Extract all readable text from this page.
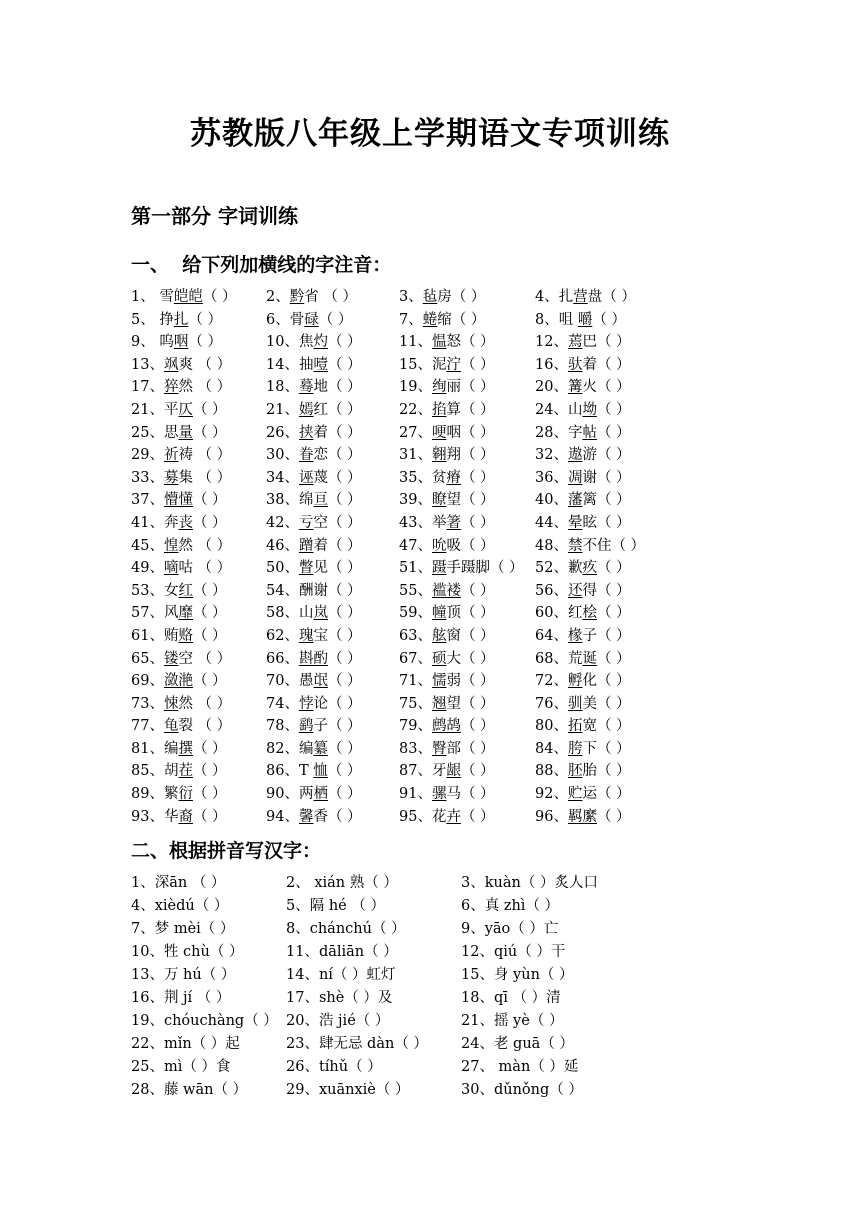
苏教版八年级上学期语文专项训练
第一部分 字词训练
一、  给下列加横线的字注音：
1、 雪皑皑（ ） 2、黔省 （ ）	3、毡房（ ）	4、扎营盘（ ）
5、 挣扎（ ）	6、骨碌（ ）	7、蜷缩（ ）	8、咀 嚼（ ）
9、 呜咽（ ）	10、焦灼（ ）	11、愠怒（ ）	12、蔫巴（ ）
13、飒爽 （ ） 14、抽噎（ ）	15、泥泞（ ）	16、驮着（ ）
17、猝然 （ ） 18、蓦地（ ）	19、绚丽（ ）	20、篝火（ ）
21、平仄（ ）	21、嫣红（ ）	22、掐算（ ）	24、山坳（ ）
25、思量（ ）	26、挟着（ ）	27、哽咽（ ）	28、字帖（ ）
29、祈祷 （ ） 30、眷恋（ ）	31、翱翔（ ）	32、遨游（ ）
33、募集 （ ） 34、诬蔑（ ）	35、贫瘠（ ）	36、凋谢（ ）
37、懵懂（ ）	38、绵亘（ ）	39、瞭望（ ）	40、藩篱（ ）
41、奔丧（ ）	42、亏空（ ）	43、举箸（ ）	44、晕眩（ ）
45、惶然 （ ） 46、蹭着（ ）	47、吮吸（ ）	48、禁不住（ ）
49、嘀咕 （ ） 50、瞥见（ ）	51、蹑手蹑脚（ ） 52、歉疚（ ）
53、女红（ ）	54、酬谢（ ）	55、褴褛（ ）	56、还得（ ）
57、风靡（ ）	58、山岚（ ）	59、幢顶（ ）	60、红桧（ ）
61、贿赂（ ）	62、瑰宝（ ）	63、舷窗（ ）	64、椽子（ ）
65、镂空 （ ） 66、斟酌（ ）	67、硕大（ ）	68、荒诞（ ）
69、潋滟（ ）	70、愚氓（ ）	71、懦弱（ ）	72、孵化（ ）
73、悚然 （ ） 74、悖论（ ）	75、翘望（ ）	76、驯美（ ）
77、龟裂 （ ） 78、鹞子（ ）	79、鹧鸪（ ）	80、拓宽（ ）
81、编撰（ ）	82、编纂（ ）	83、臀部（ ）	84、胯下（ ）
85、胡茬（ ）	86、T 恤（ ）	87、牙龈（ ）	88、胚胎（ ）
89、繁衍（ ）	90、两栖（ ）	91、骡马（ ）	92、贮运（ ）
93、华裔（ ）	94、馨香（ ）	95、花卉（ ）	96、羁縻（ ）
二、根据拼音写汉字：
1、深ān （ ）	2、 xián 熟（ ）	3、kuàn（ ）炙人口
4、xièdú（ ）	5、隔 hé （ ）	6、真 zhì（ ）
7、梦 mèi（ ）	8、chánchú（ ）	9、yāo（ ）亡
10、牲 chù（ ）	11、dāliān（ ）	12、qiú（ ）干
13、万 hú（ ）	14、ní（ ）虹灯	15、身 yùn（ ）
16、荆 jí （ ）	17、shè（ ）及	18、qī （ ）清
19、chóuchàng（ ） 20、浩 jié（ ）	21、摇 yè（ ）
22、mǐn（ ）起	23、肆无忌 dàn（ ） 24、老 guā（ ）
25、mì（ ）食	26、tíhǔ（ ）	27、 màn（ ）延
28、藤 wān（ ）	29、xuānxiè（ ）	30、dǔnǒng（ ）
